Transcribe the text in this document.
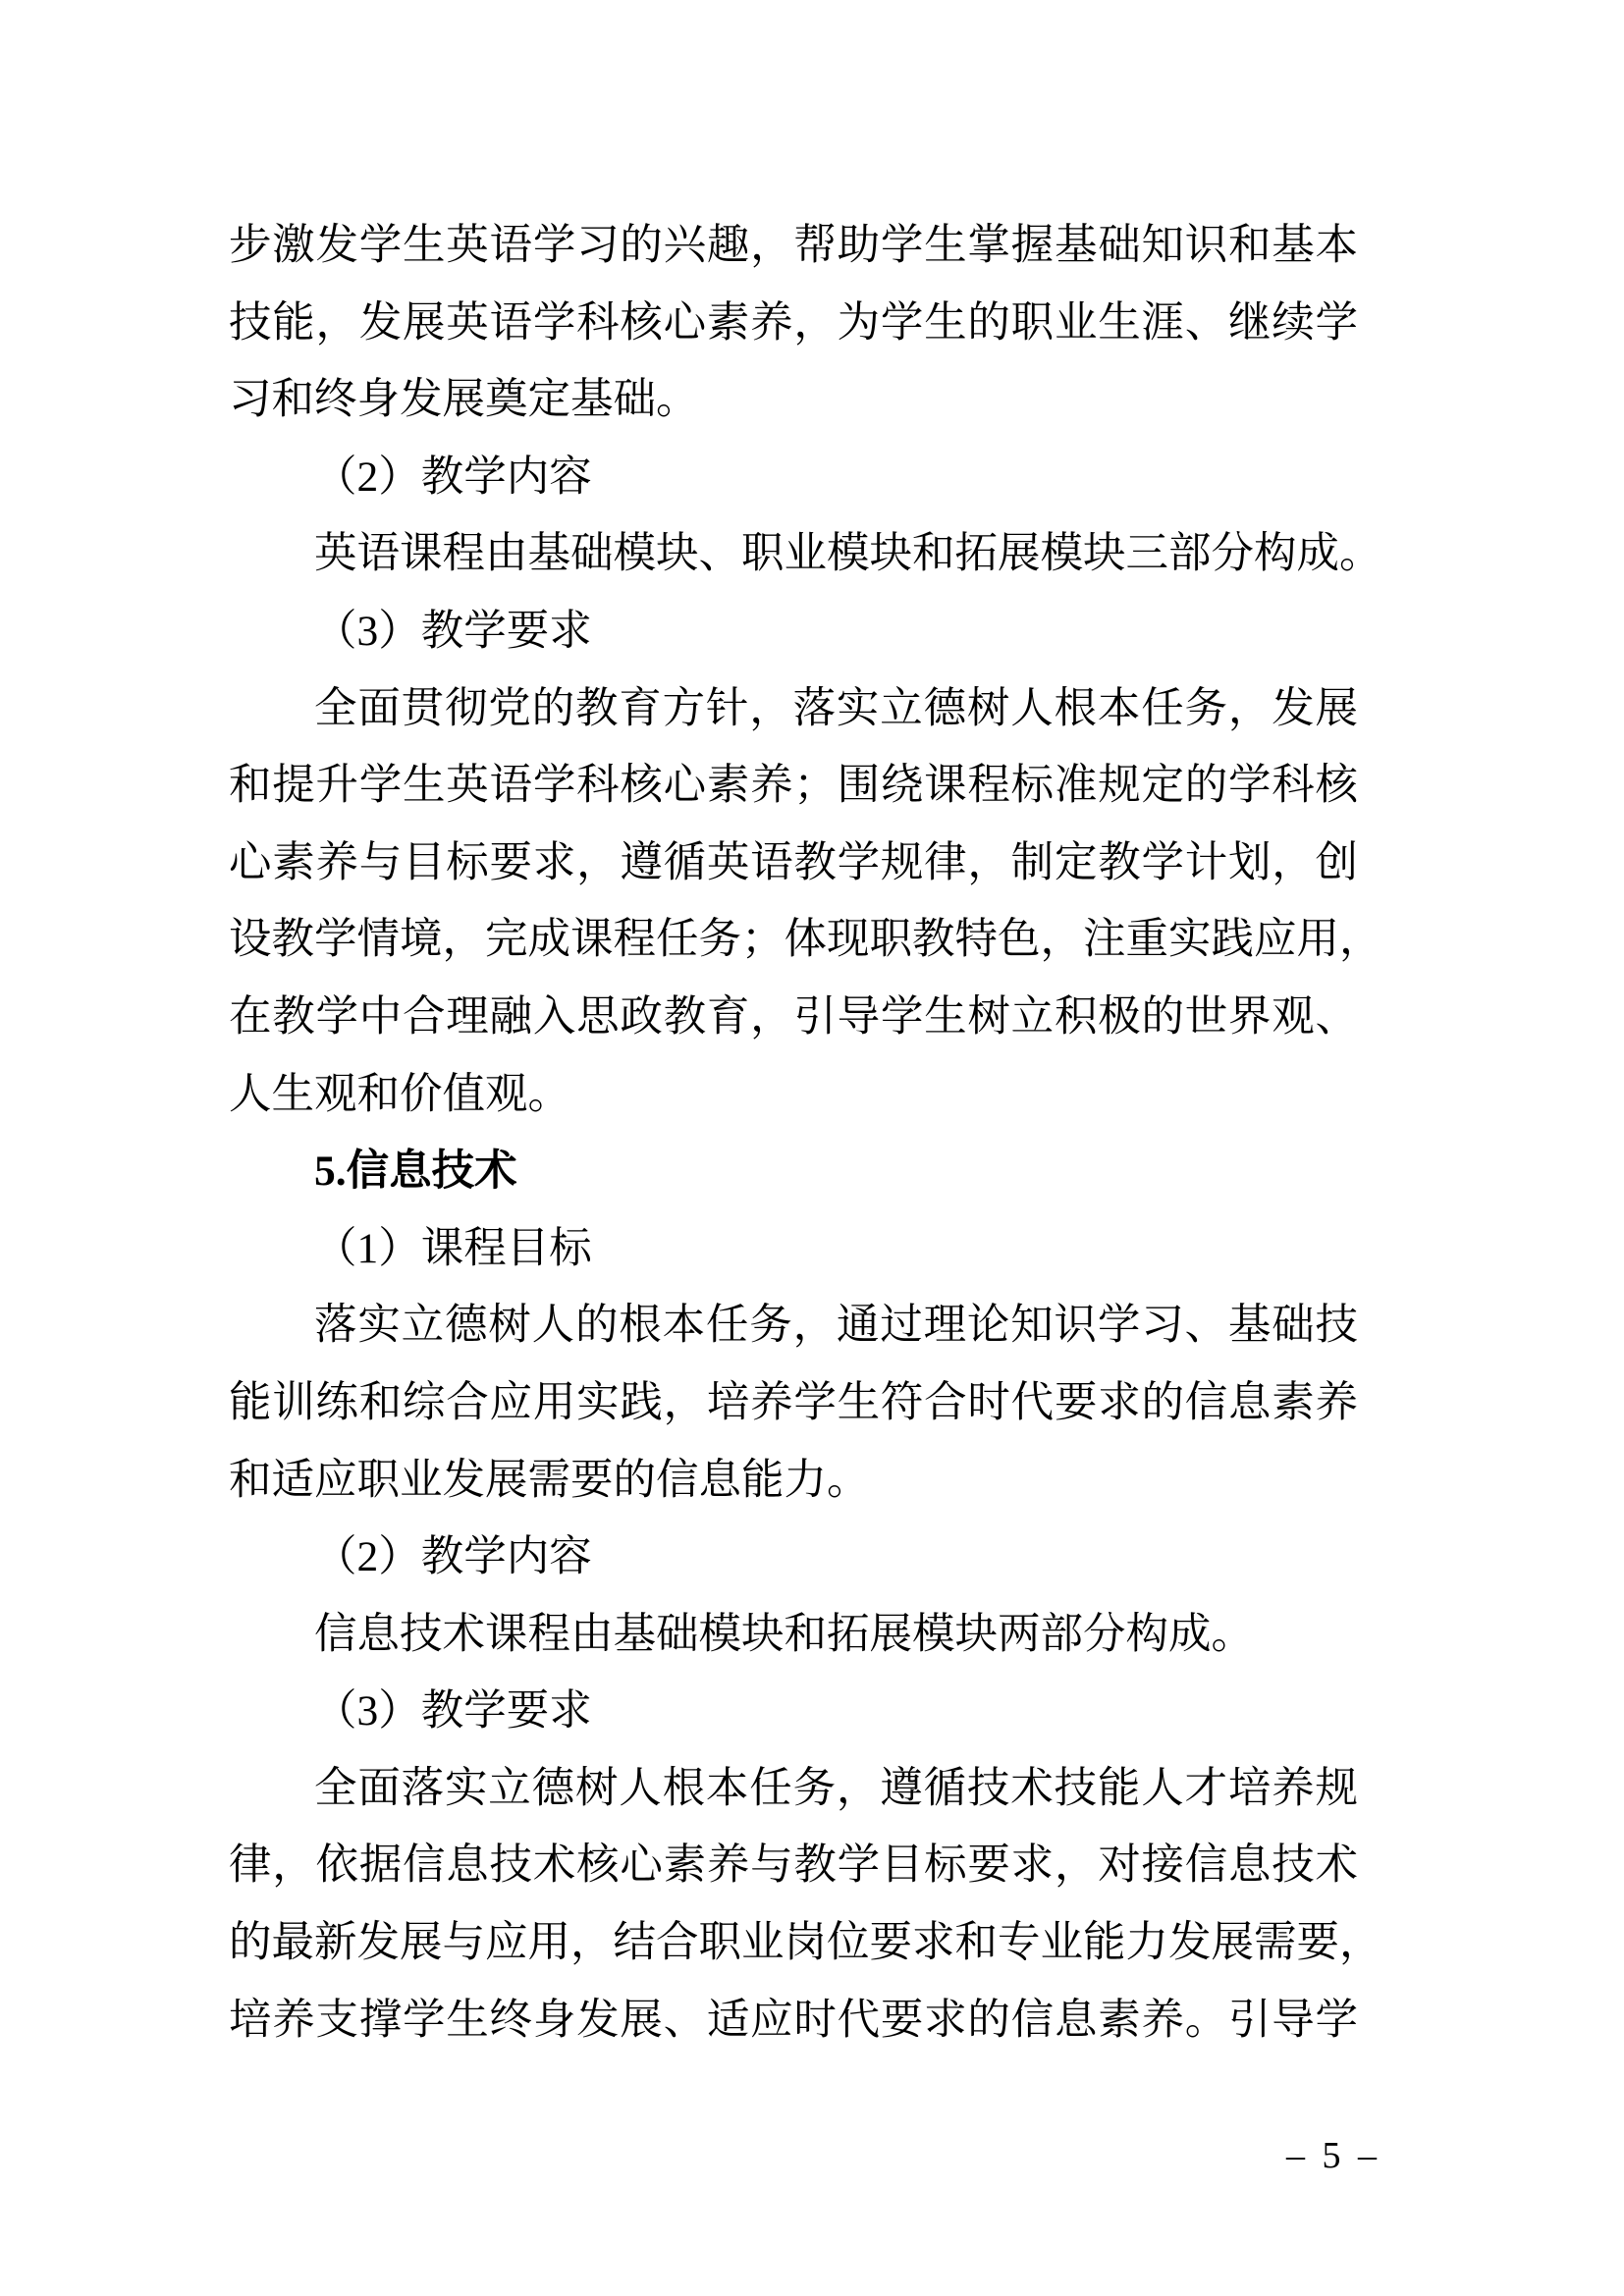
步激发学生英语学习的兴趣，帮助学生掌握基础知识和基本
技能，发展英语学科核心素养，为学生的职业生涯、继续学
习和终身发展奠定基础。
（2）教学内容
英语课程由基础模块、职业模块和拓展模块三部分构成。
（3）教学要求
全面贯彻党的教育方针，落实立德树人根本任务，发展
和提升学生英语学科核心素养；围绕课程标准规定的学科核
心素养与目标要求，遵循英语教学规律，制定教学计划，创
设教学情境，完成课程任务；体现职教特色，注重实践应用，
在教学中合理融入思政教育，引导学生树立积极的世界观、
人生观和价值观。
5.信息技术
（1）课程目标
落实立德树人的根本任务，通过理论知识学习、基础技
能训练和综合应用实践，培养学生符合时代要求的信息素养
和适应职业发展需要的信息能力。
（2）教学内容
信息技术课程由基础模块和拓展模块两部分构成。
（3）教学要求
全面落实立德树人根本任务，遵循技术技能人才培养规
律，依据信息技术核心素养与教学目标要求，对接信息技术
的最新发展与应用，结合职业岗位要求和专业能力发展需要，
培养支撑学生终身发展、适应时代要求的信息素养。引导学
– 5 –
